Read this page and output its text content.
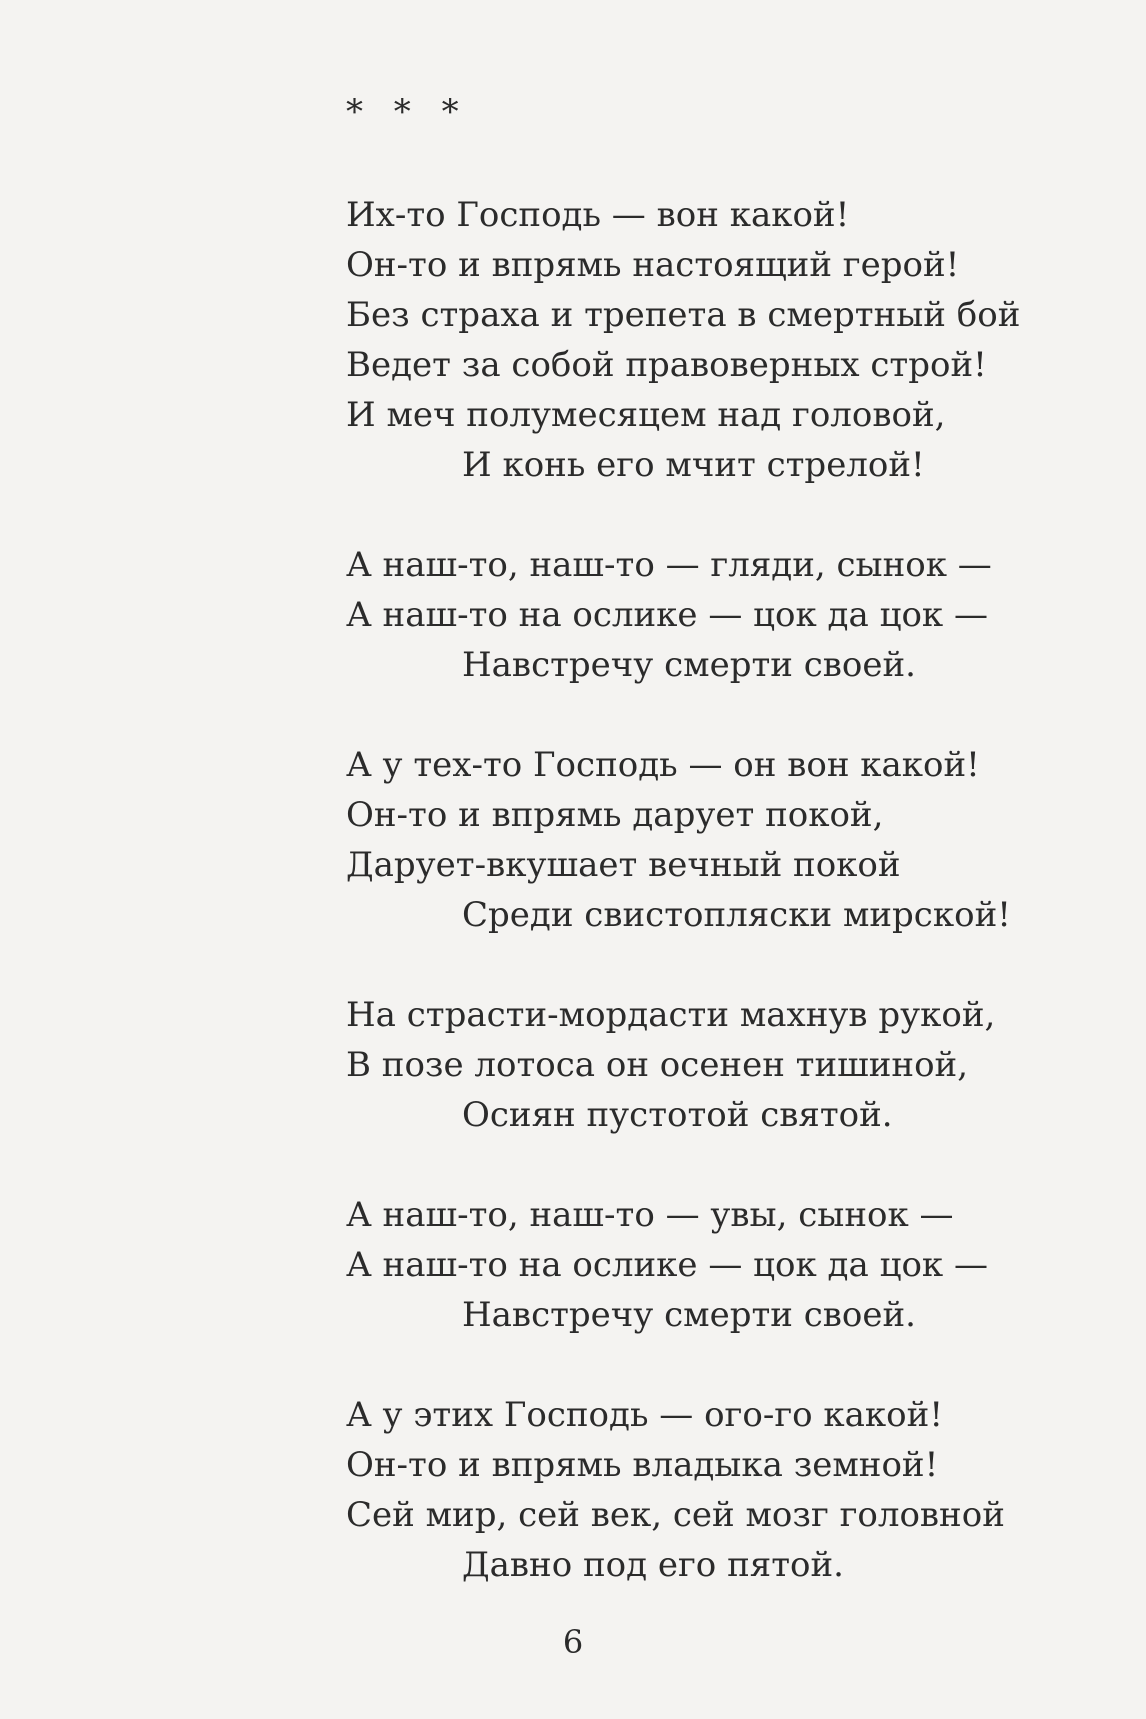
* * *
Их-то Господь — вон какой!
Он-то и впрямь настоящий герой!
Без страха и трепета в смертный бой
Ведет за собой правоверных строй!
И меч полумесяцем над головой,
И конь его мчит стрелой!
А наш-то, наш-то — гляди, сынок —
А наш-то на ослике — цок да цок —
Навстречу смерти своей.
А у тех-то Господь — он вон какой!
Он-то и впрямь дарует покой,
Дарует-вкушает вечный покой
Среди свистопляски мирской!
На страсти-мордасти махнув рукой,
В позе лотоса он осенен тишиной,
Осиян пустотой святой.
А наш-то, наш-то — увы, сынок —
А наш-то на ослике — цок да цок —
Навстречу смерти своей.
А у этих Господь — ого-го какой!
Он-то и впрямь владыка земной!
Сей мир, сей век, сей мозг головной
Давно под его пятой.
6
